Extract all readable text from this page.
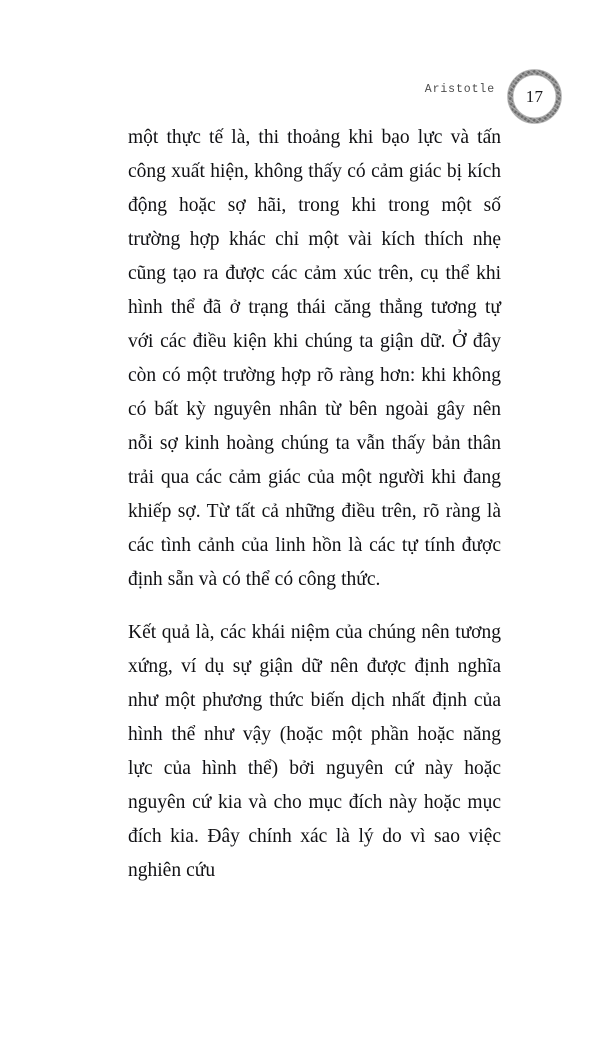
Aristotle	17

một thực tế là, thi thoảng khi bạo lực và tấn công xuất hiện, không thấy có cảm giác bị kích động hoặc sợ hãi, trong khi trong một số trường hợp khác chỉ một vài kích thích nhẹ cũng tạo ra được các cảm xúc trên, cụ thể khi hình thể đã ở trạng thái căng thẳng tương tự với các điều kiện khi chúng ta giận dữ. Ở đây còn có một trường hợp rõ ràng hơn: khi không có bất kỳ nguyên nhân từ bên ngoài gây nên nỗi sợ kinh hoàng chúng ta vẫn thấy bản thân trải qua các cảm giác của một người khi đang khiếp sợ. Từ tất cả những điều trên, rõ ràng là các tình cảnh của linh hồn là các tự tính được định sẵn và có thể có công thức.

Kết quả là, các khái niệm của chúng nên tương xứng, ví dụ sự giận dữ nên được định nghĩa như một phương thức biến dịch nhất định của hình thể như vậy (hoặc một phần hoặc năng lực của hình thể) bởi nguyên cứ này hoặc nguyên cứ kia và cho mục đích này hoặc mục đích kia. Đây chính xác là lý do vì sao việc nghiên cứu
